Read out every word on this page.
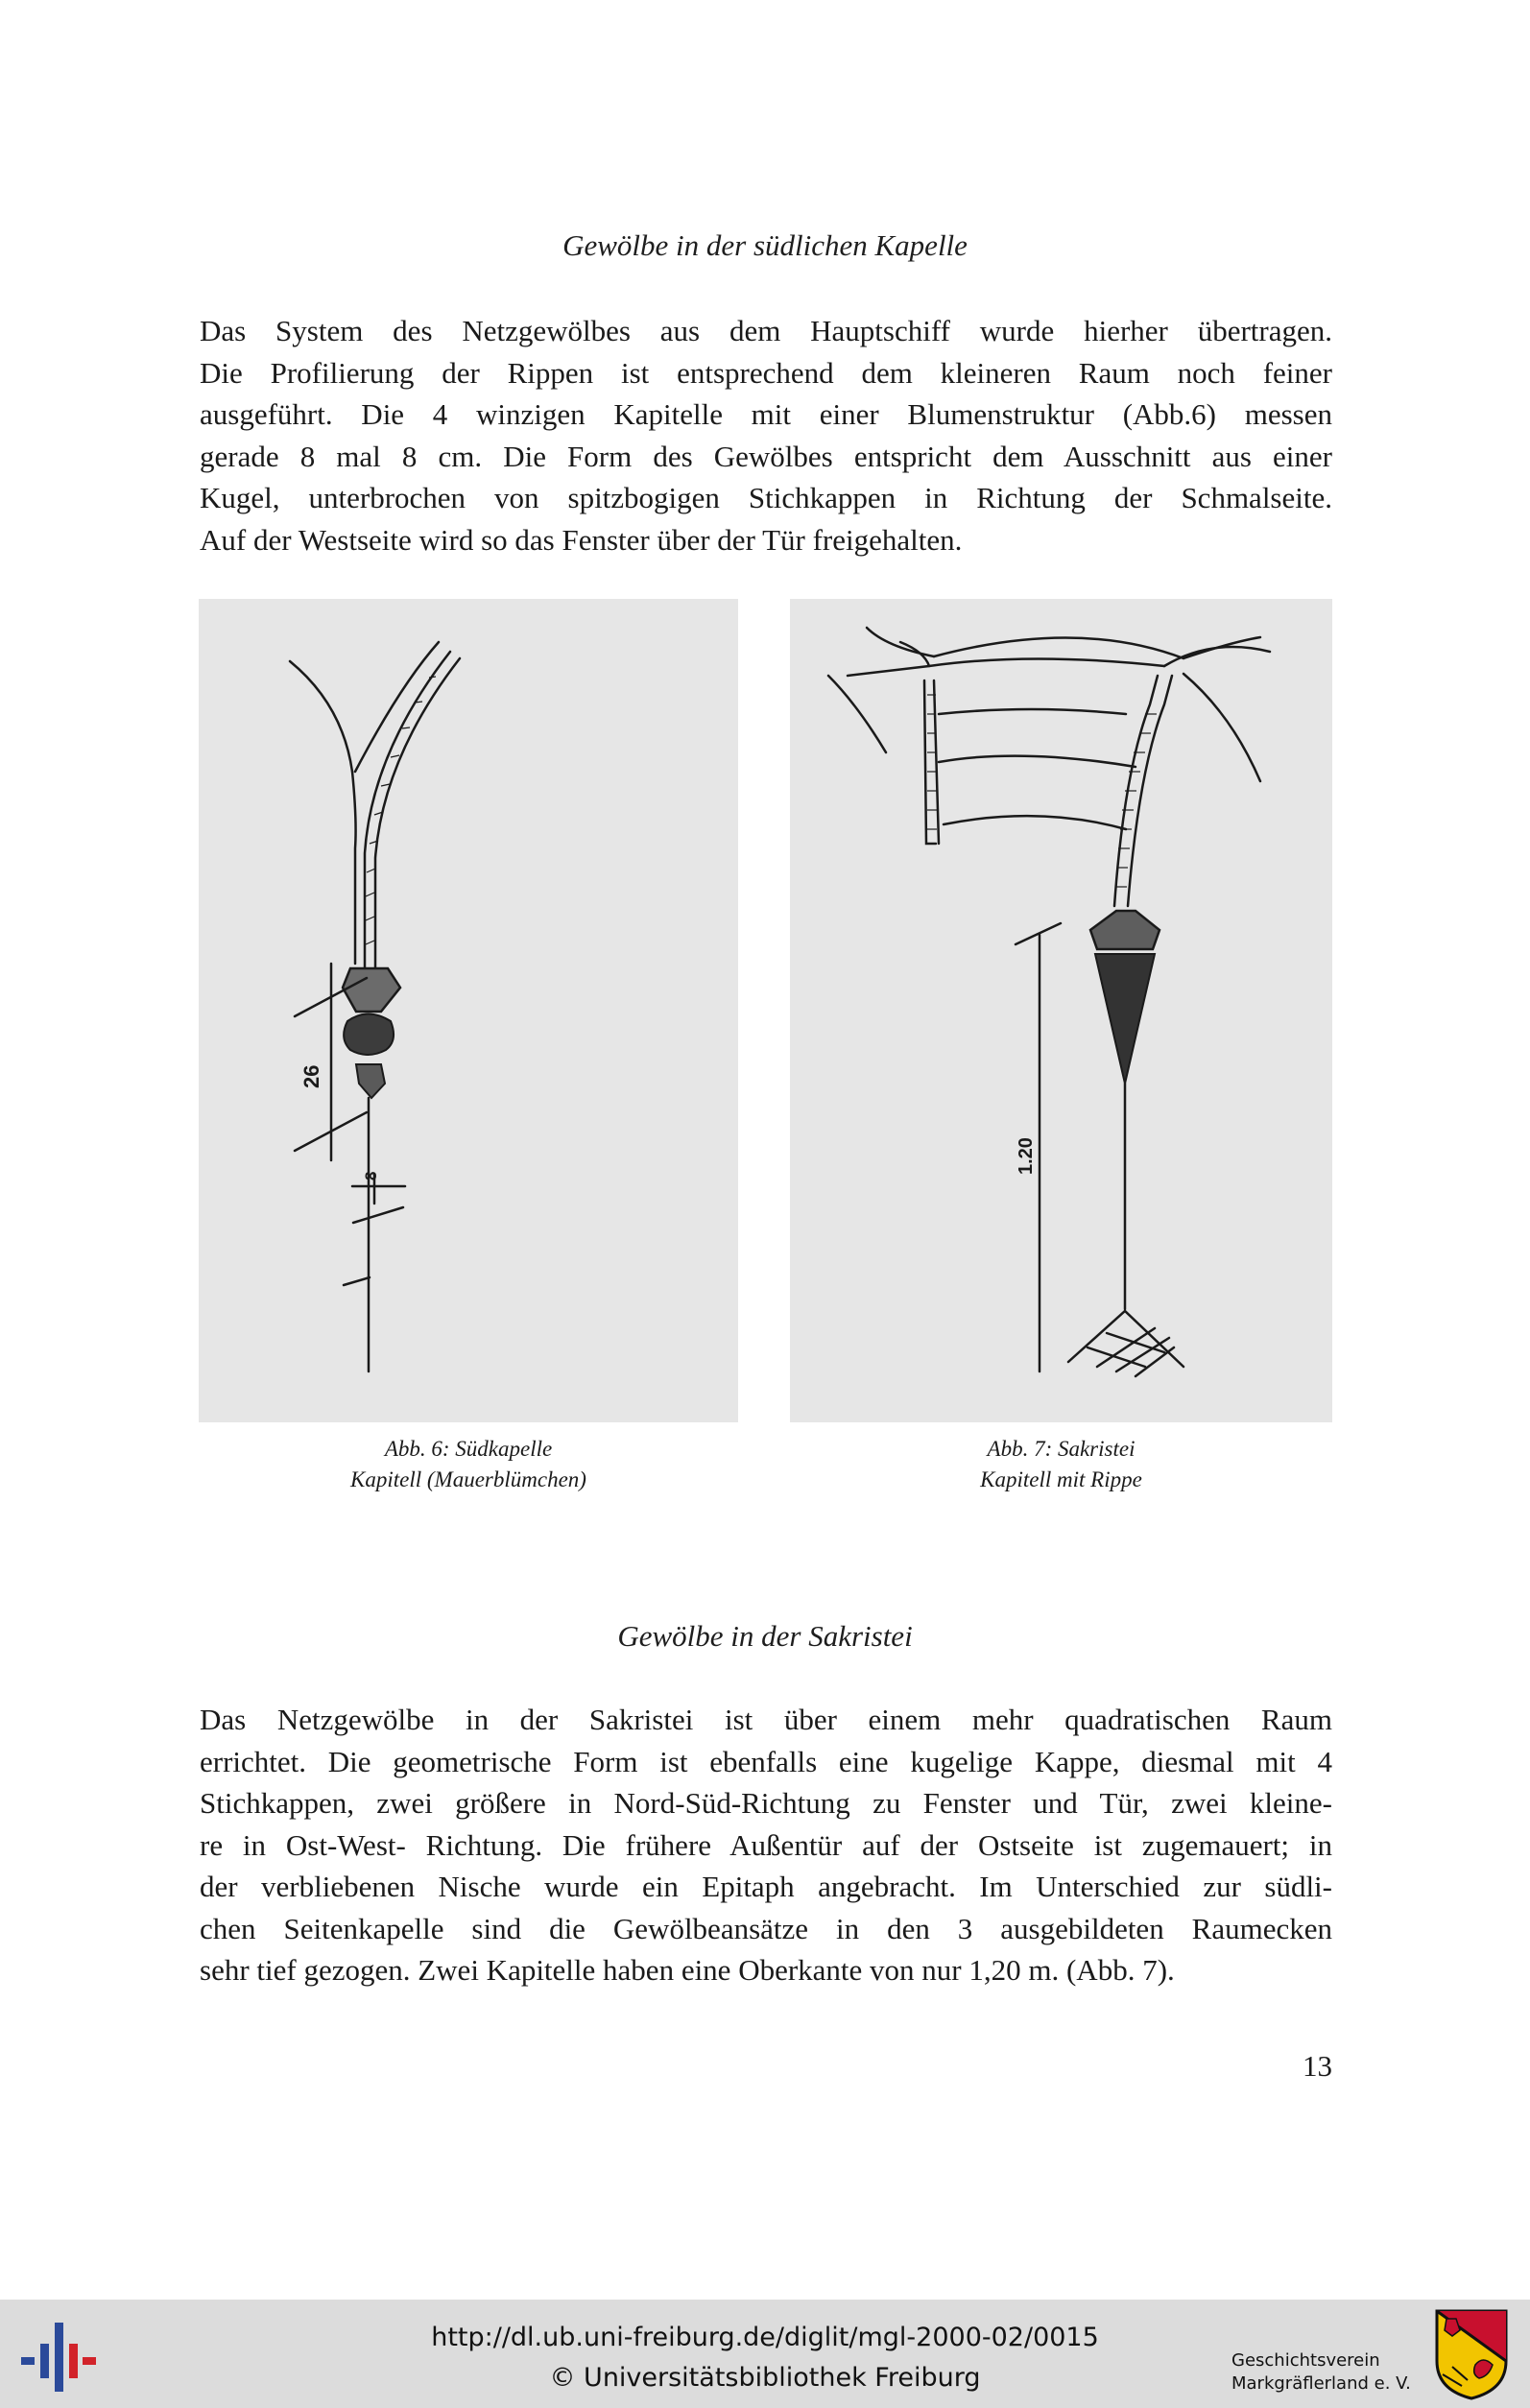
Gewölbe in der südlichen Kapelle

Das System des Netzgewölbes aus dem Hauptschiff wurde hierher übertragen.
Die Profilierung der Rippen ist entsprechend dem kleineren Raum noch feiner
ausgeführt. Die 4 winzigen Kapitelle mit einer Blumenstruktur (Abb.6) messen
gerade 8 mal 8 cm. Die Form des Gewölbes entspricht dem Ausschnitt aus einer
Kugel, unterbrochen von spitzbogigen Stichkappen in Richtung der Schmalseite.
Auf der Westseite wird so das Fenster über der Tür freigehalten.

8
26
1.20
Abb. 6: Südkapelle
Kapitell (Mauerblümchen)
Abb. 7: Sakristei
Kapitell mit Rippe
Gewölbe in der Sakristei

Das Netzgewölbe in der Sakristei ist über einem mehr quadratischen Raum
errichtet. Die geometrische Form ist ebenfalls eine kugelige Kappe, diesmal mit 4
Stichkappen, zwei größere in Nord-Süd-Richtung zu Fenster und Tür, zwei kleine-
re in Ost-West- Richtung. Die frühere Außentür auf der Ostseite ist zugemauert; in
der verbliebenen Nische wurde ein Epitaph angebracht. Im Unterschied zur südli-
chen Seitenkapelle sind die Gewölbeansätze in den 3 ausgebildeten Raumecken
sehr tief gezogen. Zwei Kapitelle haben eine Oberkante von nur 1,20 m. (Abb. 7).

13
http://dl.ub.uni-freiburg.de/diglit/mgl-2000-02/0015
© Universitätsbibliothek Freiburg
Geschichtsverein
Markgräflerland e. V.
